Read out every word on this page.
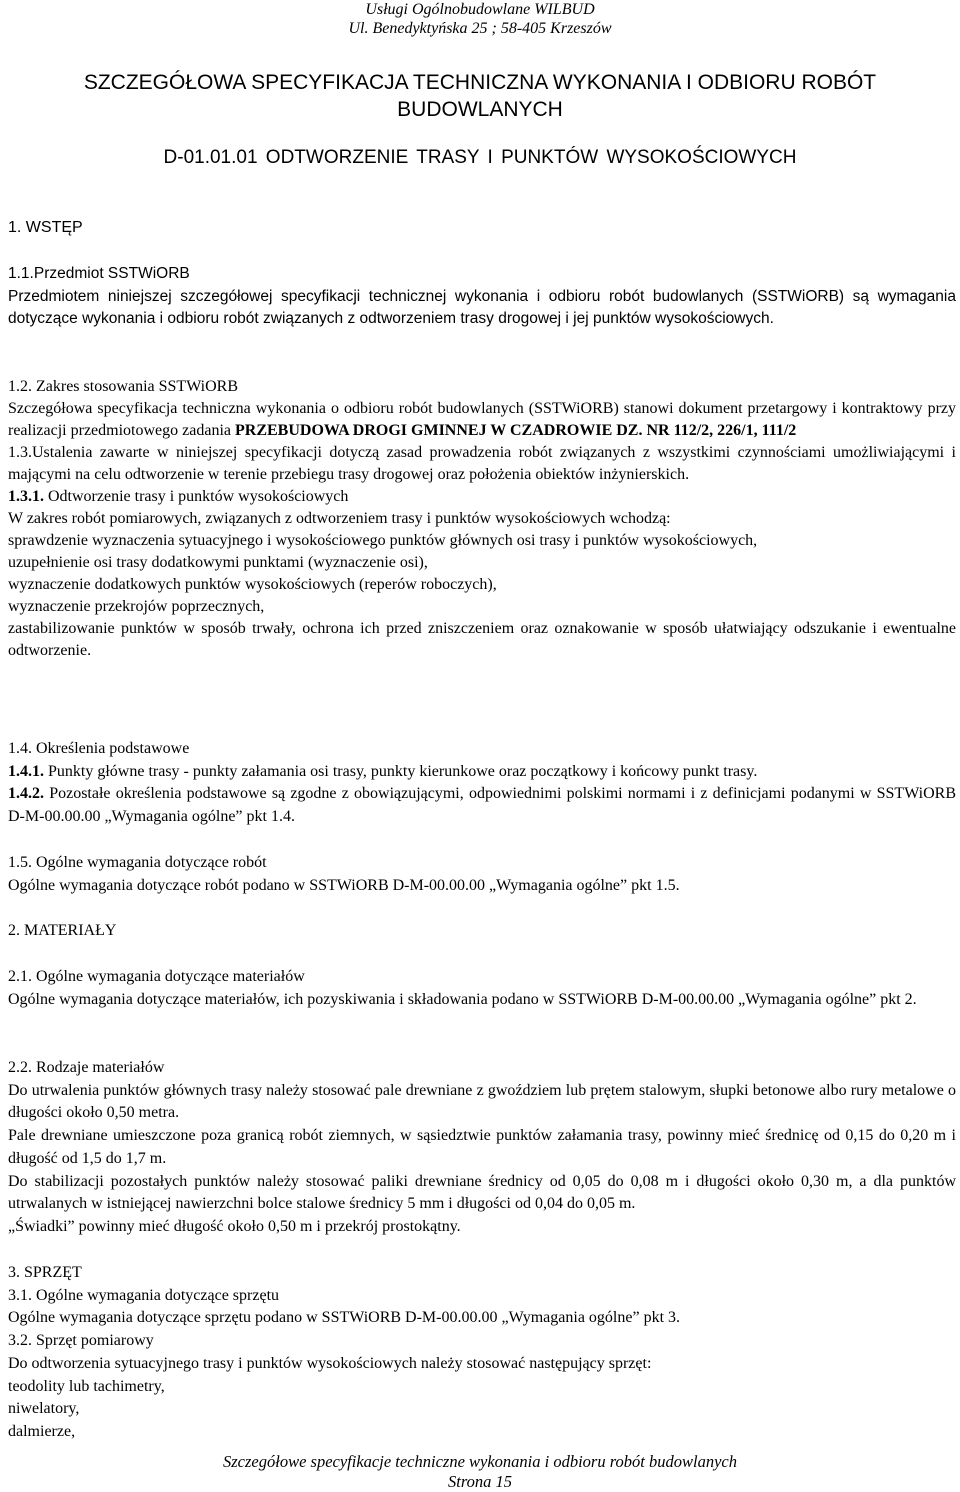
Usługi Ogólnobudowlane WILBUD
Ul. Benedyktyńska 25 ; 58-405 Krzeszów
SZCZEGÓŁOWA SPECYFIKACJA TECHNICZNA WYKONANIA I ODBIORU ROBÓT
BUDOWLANYCH
D-01.01.01 ODTWORZENIE TRASY I PUNKTÓW WYSOKOŚCIOWYCH
1. WSTĘP

1.1.Przedmiot SSTWiORB

Przedmiotem niniejszej szczegółowej specyfikacji technicznej wykonania i odbioru robót budowlanych (SSTWiORB) są wymagania dotyczące wykonania i odbioru robót związanych z odtworzeniem trasy drogowej i jej punktów wysokościowych.

1.2. Zakres stosowania SSTWiORB

Szczegółowa specyfikacja techniczna wykonania o odbioru robót budowlanych (SSTWiORB) stanowi dokument przetargowy i kontraktowy przy realizacji przedmiotowego zadania PRZEBUDOWA DROGI GMINNEJ W CZADROWIE DZ. NR 112/2, 226/1, 111/2

1.3.Ustalenia zawarte w niniejszej specyfikacji dotyczą zasad prowadzenia robót związanych z wszystkimi czynnościami umożliwiającymi i mającymi na celu odtworzenie w terenie przebiegu trasy drogowej oraz położenia obiektów inżynierskich.

1.3.1. Odtworzenie trasy i punktów wysokościowych

W zakres robót pomiarowych, związanych z odtworzeniem trasy i punktów wysokościowych wchodzą:

sprawdzenie wyznaczenia sytuacyjnego i wysokościowego punktów głównych osi trasy i punktów wysokościowych,

uzupełnienie osi trasy dodatkowymi punktami (wyznaczenie osi),

wyznaczenie dodatkowych punktów wysokościowych (reperów roboczych),

wyznaczenie przekrojów poprzecznych,

zastabilizowanie punktów w sposób trwały, ochrona ich przed zniszczeniem oraz oznakowanie w sposób ułatwiający odszukanie i ewentualne odtworzenie.

1.4. Określenia podstawowe

1.4.1. Punkty główne trasy - punkty załamania osi trasy, punkty kierunkowe oraz początkowy i końcowy punkt trasy.

1.4.2. Pozostałe określenia podstawowe są zgodne z obowiązującymi, odpowiednimi polskimi normami i z definicjami podanymi w SSTWiORB D-M-00.00.00 „Wymagania ogólne” pkt 1.4.

1.5. Ogólne wymagania dotyczące robót

Ogólne wymagania dotyczące robót podano w SSTWiORB D-M-00.00.00 „Wymagania ogólne” pkt 1.5.

2. MATERIAŁY

2.1. Ogólne wymagania dotyczące materiałów

Ogólne wymagania dotyczące materiałów, ich pozyskiwania i składowania podano w SSTWiORB D-M-00.00.00 „Wymagania ogólne” pkt 2.

2.2. Rodzaje materiałów

Do utrwalenia punktów głównych trasy należy stosować pale drewniane z gwoździem lub prętem stalowym, słupki betonowe albo rury metalowe o długości około 0,50 metra.

Pale drewniane umieszczone poza granicą robót ziemnych, w sąsiedztwie punktów załamania trasy, powinny mieć średnicę od 0,15 do 0,20 m i długość od 1,5 do 1,7 m.

Do stabilizacji pozostałych punktów należy stosować paliki drewniane średnicy od 0,05 do 0,08 m i długości około 0,30 m, a dla punktów utrwalanych w istniejącej nawierzchni bolce stalowe średnicy 5 mm i długości od 0,04 do 0,05 m.

„Świadki” powinny mieć długość około 0,50 m i przekrój prostokątny.

3. SPRZĘT

3.1. Ogólne wymagania dotyczące sprzętu

Ogólne wymagania dotyczące sprzętu podano w SSTWiORB D-M-00.00.00 „Wymagania ogólne” pkt 3.

3.2. Sprzęt pomiarowy

Do odtworzenia sytuacyjnego trasy i punktów wysokościowych należy stosować następujący sprzęt:

teodolity lub tachimetry,

niwelatory,

dalmierze,

Szczegółowe specyfikacje techniczne wykonania i odbioru robót budowlanych
Strona 15
